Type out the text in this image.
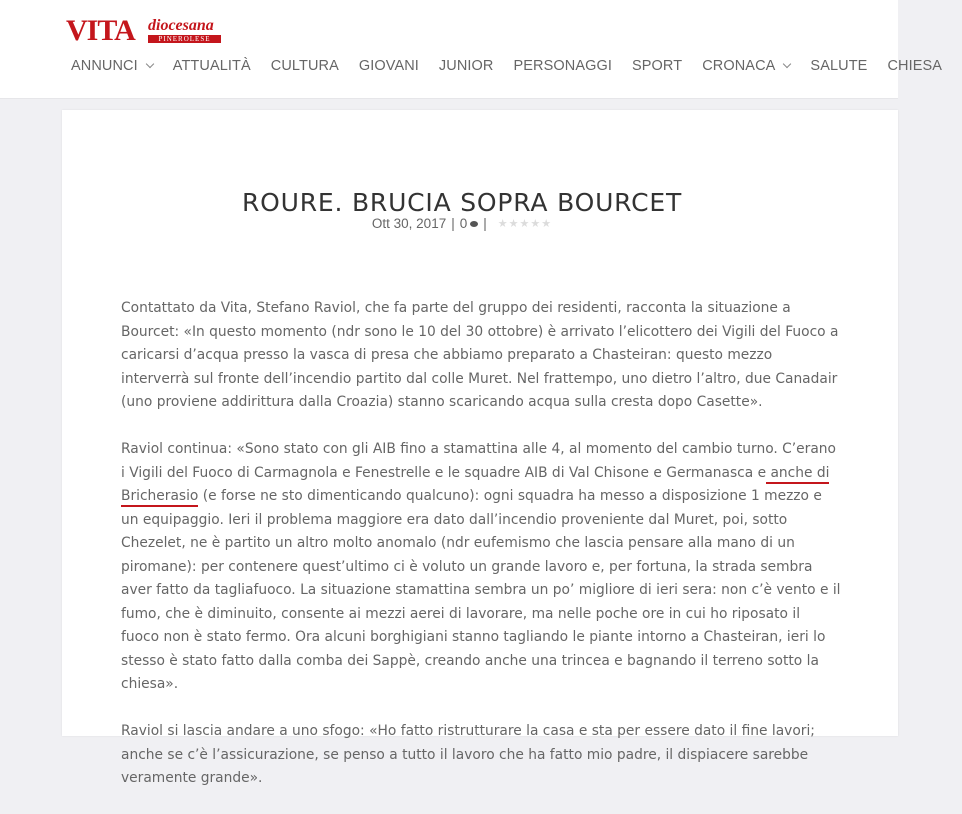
VITA diocesana
PINEROLESE
ANNUNCI ATTUALITÀ CULTURA GIOVANI JUNIOR PERSONAGGI SPORT CRONACA SALUTE CHIESA
ROURE. BRUCIA SOPRA BOURCET
Ott 30, 2017 | 0 | ★★★★★

Contattato da Vita, Stefano Raviol, che fa parte del gruppo dei residenti, racconta la situazione a Bourcet: «In questo momento (ndr sono le 10 del 30 ottobre) è arrivato l’elicottero dei Vigili del Fuoco a caricarsi d’acqua presso la vasca di presa che abbiamo preparato a Chasteiran: questo mezzo interverrà sul fronte dell’incendio partito dal colle Muret. Nel frattempo, uno dietro l’altro, due Canadair (uno proviene addirittura dalla Croazia) stanno scaricando acqua sulla cresta dopo Casette».

Raviol continua: «Sono stato con gli AIB fino a stamattina alle 4, al momento del cambio turno. C’erano i Vigili del Fuoco di Carmagnola e Fenestrelle e le squadre AIB di Val Chisone e Germanasca e anche di Bricherasio (e forse ne sto dimenticando qualcuno): ogni squadra ha messo a disposizione 1 mezzo e un equipaggio. Ieri il problema maggiore era dato dall’incendio proveniente dal Muret, poi, sotto Chezelet, ne è partito un altro molto anomalo (ndr eufemismo che lascia pensare alla mano di un piromane): per contenere quest’ultimo ci è voluto un grande lavoro e, per fortuna, la strada sembra aver fatto da tagliafuoco. La situazione stamattina sembra un po’ migliore di ieri sera: non c’è vento e il fumo, che è diminuito, consente ai mezzi aerei di lavorare, ma nelle poche ore in cui ho riposato il fuoco non è stato fermo. Ora alcuni borghigiani stanno tagliando le piante intorno a Chasteiran, ieri lo stesso è stato fatto dalla comba dei Sappè, creando anche una trincea e bagnando il terreno sotto la chiesa».

Raviol si lascia andare a uno sfogo: «Ho fatto ristrutturare la casa e sta per essere dato il fine lavori; anche se c’è l’assicurazione, se penso a tutto il lavoro che ha fatto mio padre, il dispiacere sarebbe veramente grande».
